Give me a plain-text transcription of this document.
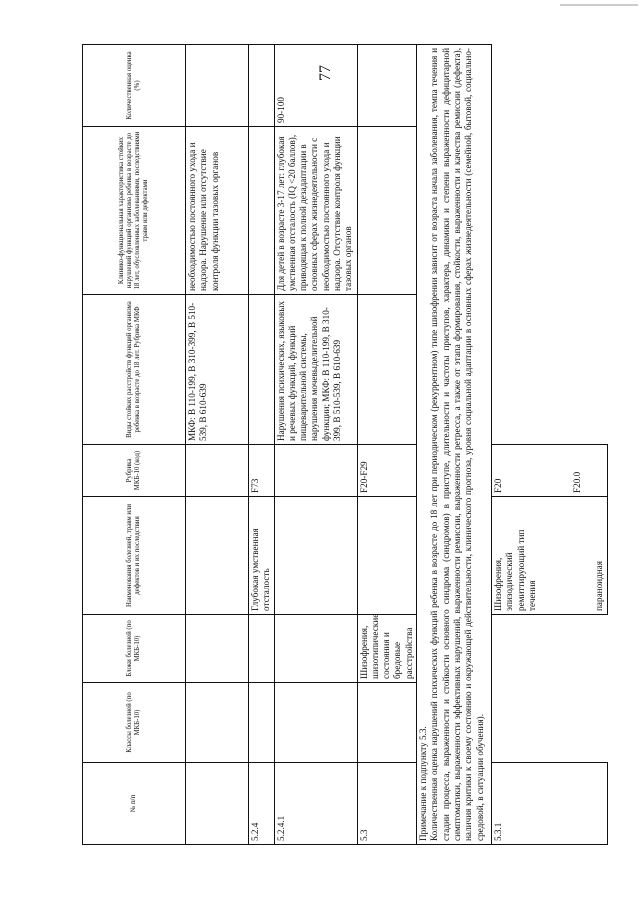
77
№ п/п	Классы болезней (по МКБ-10)	Блоки болезней (по МКБ-10)	Наименования болезней, травм или дефектов и их последствия	Рубрика МКБ-10 (код)	Виды стойких расстройств функций организма ребенка в возрасте до 18 лет. Рубрика МКФ	Клинико-функциональная характеристика стойких нарушений функций организма ребенка в возрасте до 18 лет, обусловленных заболеваниями, последствиями травм или дефектами	Количественная оценка (%)
					МКФ: В 110-199, В 310-399, В 510-539, В 610-639	необходимостью постоянного ухода и надзора. Нарушение или отсутствие контроля функции тазовых органов	
5.2.4			Глубокая умственная отсталость	F73			
5.2.4.1					Нарушения психических, языковых и речевых функций, функций пищеварительной системы, нарушения мочевыделительной функции; МКФ: В 110-199, В 310-399, В 510-539, В 610-639	Для детей в возрасте 3-17 лет: глубокая умственная отсталость (IQ <20 баллов), приводящая к полной дезадаптации в основных сферах жизнедеятельности с необходимостью постоянного ухода и надзора. Отсутствие контроля функции тазовых органов	90-100
5.3		Шизофрения, шизотипические состояния и бредовые расстройства		F20-F29			

Примечание к подпункту 5.3. Количественная оценка нарушений психических функций ребенка в возрасте до 18 лет при периодическом (рекуррентном) типе шизофрении зависит от возраста начала заболевания, темпа течения и стадии процесса, выраженности и стойкости основного синдрома (синдромов) в приступе, длительности и частоты приступов, характера, динамики и степени выраженности дефицитарной симптоматики, выраженности эффективных нарушений, выраженности ремиссии, выраженности ретресса, а также от этапа формирования, стойкости, выраженности и качества ремиссии (дефекта), наличия критики к своему состоянию и окружающей действительности, клинического прогноза, уровня социальной адаптации в основных сферах жизнедеятельности (семейной, бытовой, социально-средовой, в ситуации обучения).							

5.3.1			Шизофрения, эпизодический ремиттирующий тип течения параноидная	F20 F20.0			
